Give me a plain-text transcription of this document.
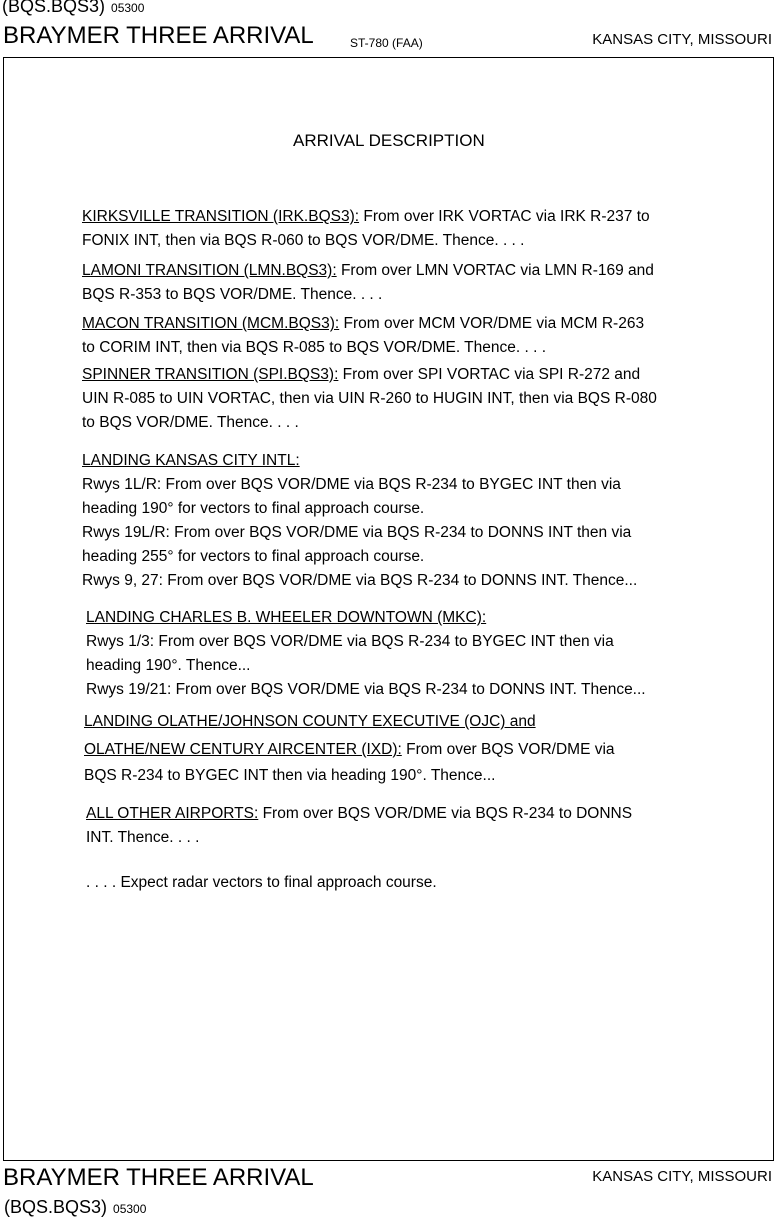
(BQS.BQS3) 05300
BRAYMER THREE ARRIVAL	ST-780 (FAA)	KANSAS CITY, MISSOURI
ARRIVAL DESCRIPTION
KIRKSVILLE TRANSITION (IRK.BQS3): From over IRK VORTAC via IRK R-237 to
FONIX INT, then via BQS R-060 to BQS VOR/DME. Thence. . . .
LAMONI TRANSITION (LMN.BQS3): From over LMN VORTAC via LMN R-169 and
BQS R-353 to BQS VOR/DME. Thence. . . .
MACON TRANSITION (MCM.BQS3): From over MCM VOR/DME via MCM R-263
to CORIM INT, then via BQS R-085 to BQS VOR/DME. Thence. . . .
SPINNER TRANSITION (SPI.BQS3): From over SPI VORTAC via SPI R-272 and
UIN R-085 to UIN VORTAC, then via UIN R-260 to HUGIN INT, then via BQS R-080
to BQS VOR/DME. Thence. . . .
LANDING KANSAS CITY INTL:
Rwys 1L/R: From over BQS VOR/DME via BQS R-234 to BYGEC INT then via
heading 190° for vectors to final approach course.
Rwys 19L/R: From over BQS VOR/DME via BQS R-234 to DONNS INT then via
heading 255° for vectors to final approach course.
Rwys 9, 27: From over BQS VOR/DME via BQS R-234 to DONNS INT. Thence...
LANDING CHARLES B. WHEELER DOWNTOWN (MKC):
Rwys 1/3: From over BQS VOR/DME via BQS R-234 to BYGEC INT then via
heading 190°. Thence...
Rwys 19/21: From over BQS VOR/DME via BQS R-234 to DONNS INT. Thence...
LANDING OLATHE/JOHNSON COUNTY EXECUTIVE (OJC) and
OLATHE/NEW CENTURY AIRCENTER (IXD): From over BQS VOR/DME via
BQS R-234 to BYGEC INT then via heading 190°. Thence...
ALL OTHER AIRPORTS: From over BQS VOR/DME via BQS R-234 to DONNS
INT. Thence. . . .
. . . . Expect radar vectors to final approach course.
BRAYMER THREE ARRIVAL	KANSAS CITY, MISSOURI
(BQS.BQS3) 05300
